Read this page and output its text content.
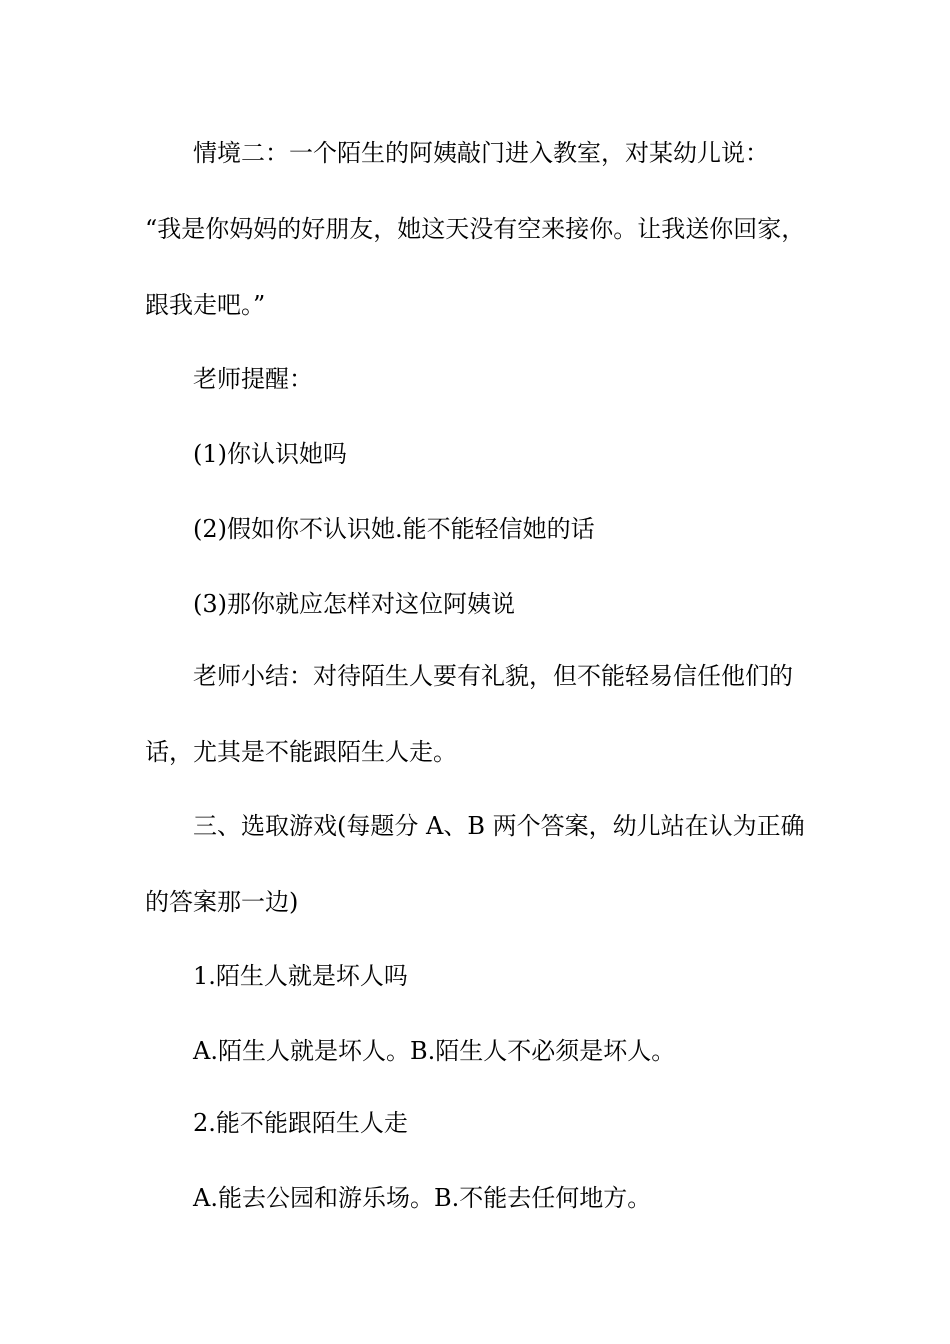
情境二：一个陌生的阿姨敲门进入教室，对某幼儿说：
“我是你妈妈的好朋友，她这天没有空来接你。让我送你回家，
跟我走吧。”
老师提醒：
(1)你认识她吗
(2)假如你不认识她.能不能轻信她的话
(3)那你就应怎样对这位阿姨说
老师小结：对待陌生人要有礼貌，但不能轻易信任他们的
话，尤其是不能跟陌生人走。
三、选取游戏(每题分 A、B 两个答案，幼儿站在认为正确
的答案那一边)
1.陌生人就是坏人吗
A.陌生人就是坏人。B.陌生人不必须是坏人。
2.能不能跟陌生人走
A.能去公园和游乐场。B.不能去任何地方。
